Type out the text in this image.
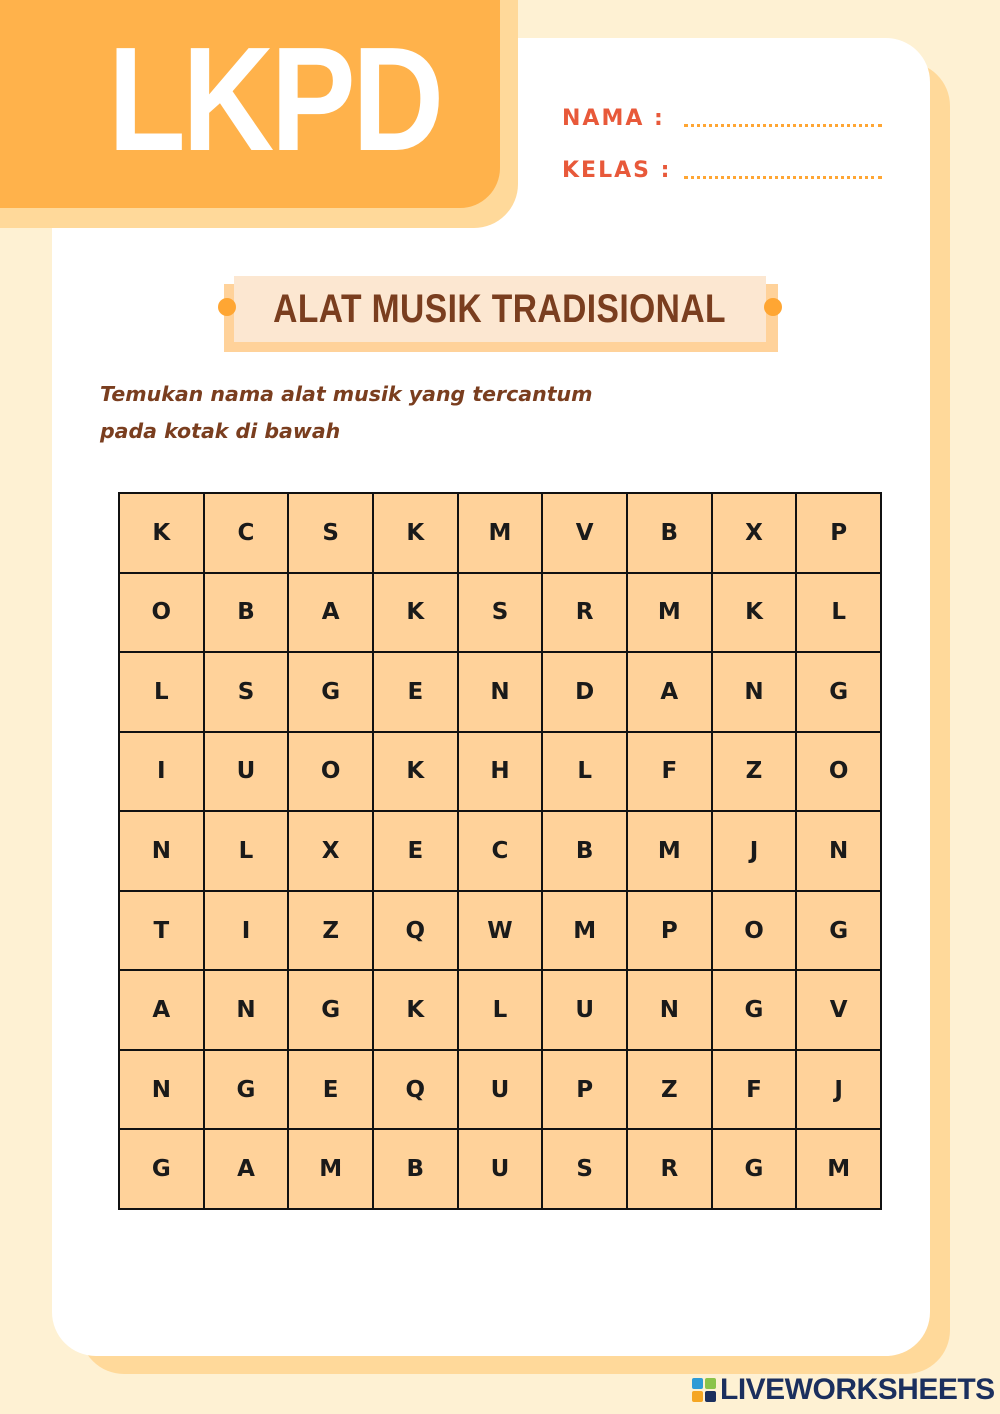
LKPD	NAMA :
KELAS :
ALAT MUSIK TRADISIONAL
Temukan nama alat musik yang tercantum
pada kotak di bawah
K	C	S	K	M	V	B	X	P
O	B	A	K	S	R	M	K	L
L	S	G	E	N	D	A	N	G
I	U	O	K	H	L	F	Z	O
N	L	X	E	C	B	M	J	N
T	I	Z	Q	W	M	P	O	G
A	N	G	K	L	U	N	G	V
N	G	E	Q	U	P	Z	F	J
G	A	M	B	U	S	R	G	M
LIVEWORKSHEETS
